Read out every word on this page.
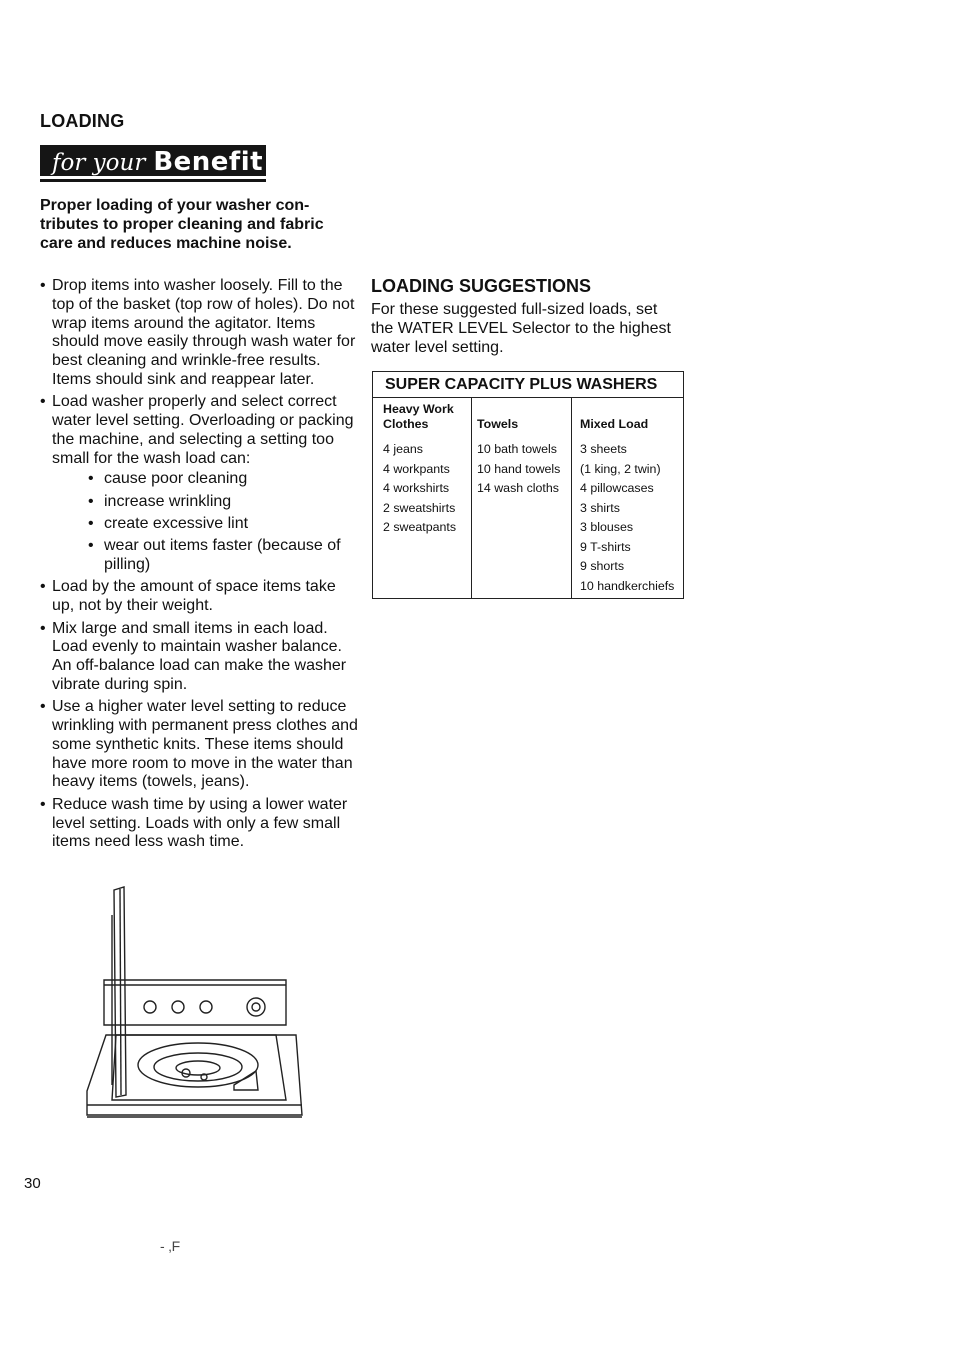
LOADING
for your Benefit
Proper loading of your washer con-tributes to proper cleaning and fabric care and reduces machine noise.
• Drop items into washer loosely. Fill to the top of the basket (top row of holes). Do not wrap items around the agitator. Items should move easily through wash water for best cleaning and wrinkle-free results. Items should sink and reappear later.
• Load washer properly and select correct water level setting. Overloading or packing the machine, and selecting a setting too small for the wash load can:
• cause poor cleaning
• increase wrinkling
• create excessive lint
• wear out items faster (because of pilling)
• Load by the amount of space items take up, not by their weight.
• Mix large and small items in each load. Load evenly to maintain washer balance. An off-balance load can make the washer vibrate during spin.
• Use a higher water level setting to reduce wrinkling with permanent press clothes and some synthetic knits. These items should have more room to move in the water than heavy items (towels, jeans).
• Reduce wash time by using a lower water level setting. Loads with only a few small items need less wash time.
LOADING SUGGESTIONS
For these suggested full-sized loads, set the WATER LEVEL Selector to the highest water level setting.
SUPER CAPACITY PLUS WASHERS
Heavy Work Clothes
4 jeans
4 workpants
4 workshirts
2 sweatshirts
2 sweatpants
Towels
10 bath towels
10 hand towels
14 wash cloths
Mixed Load
3 sheets
(1 king, 2 twin)
4 pillowcases
3 shirts
3 blouses
9 T-shirts
9 shorts
10 handkerchiefs
30
- ‚F
